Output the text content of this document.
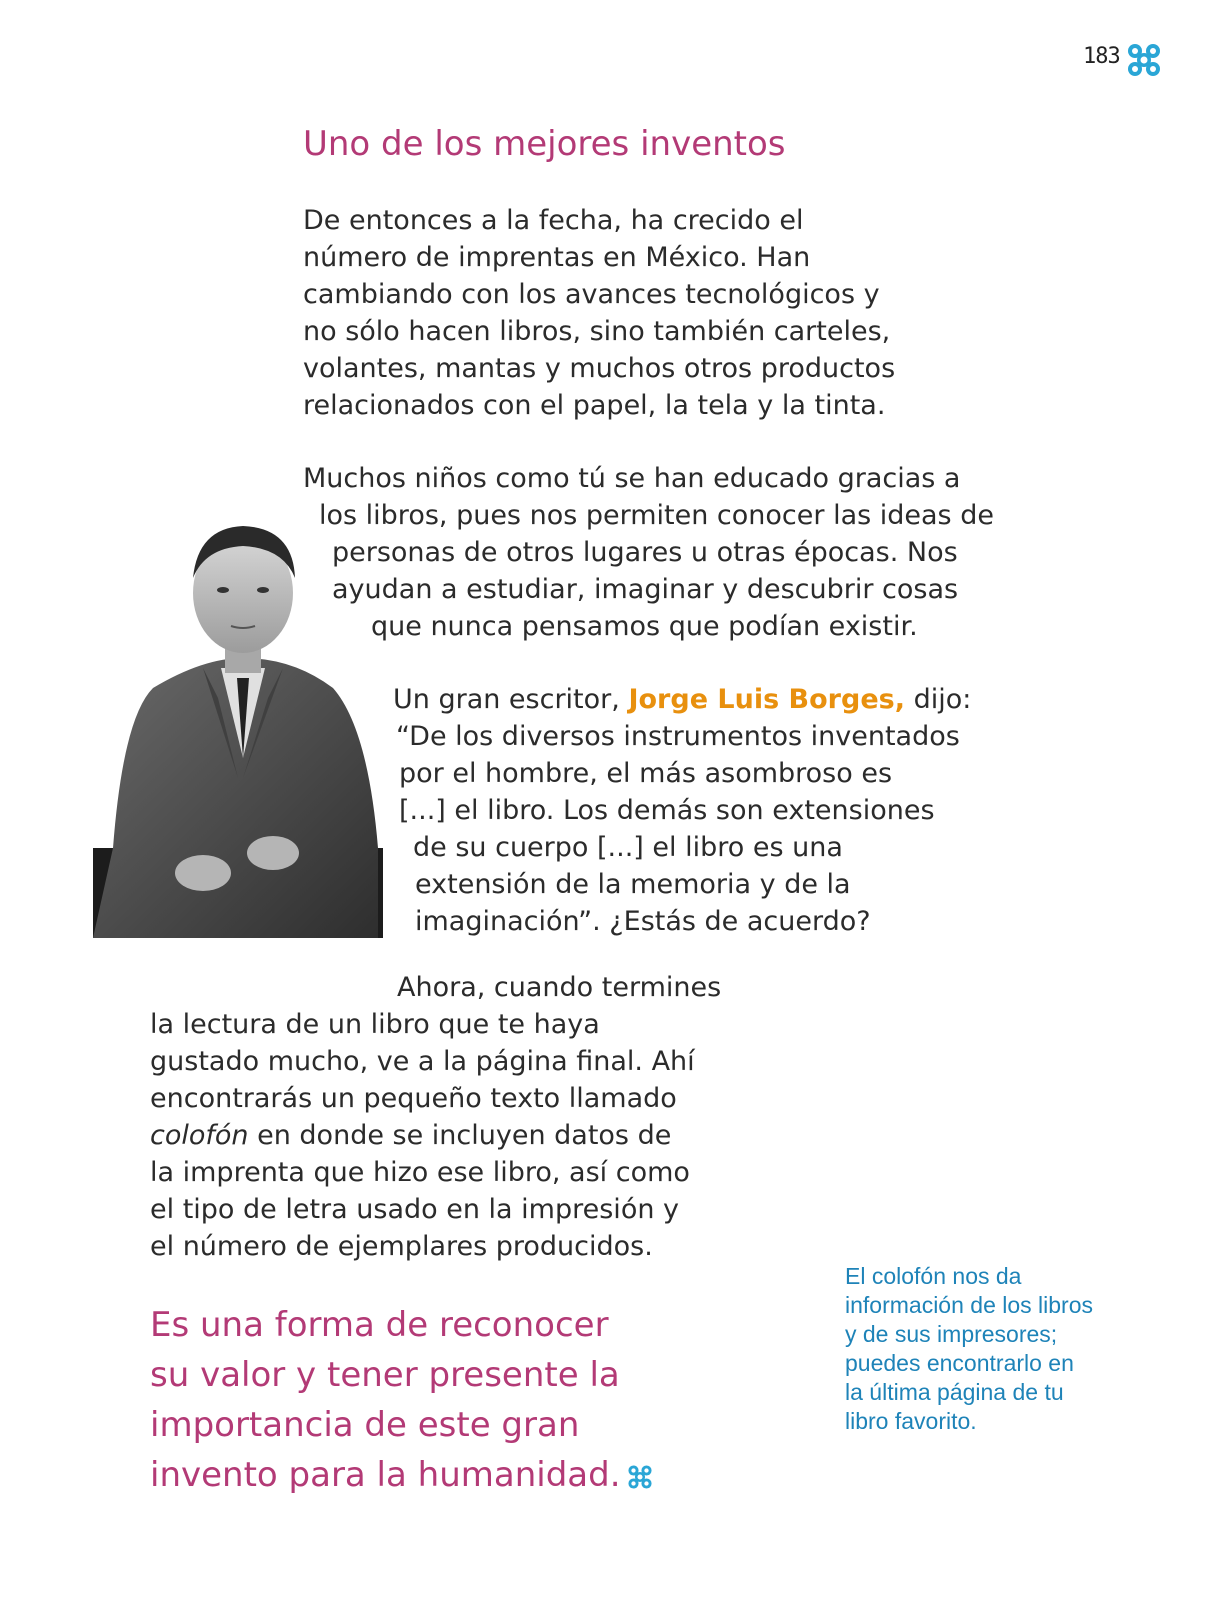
183
Uno de los mejores inventos
De entonces a la fecha, ha crecido el
número de imprentas en México. Han
cambiando con los avances tecnológicos y
no sólo hacen libros, sino también carteles,
volantes, mantas y muchos otros productos
relacionados con el papel, la tela y la tinta.
Muchos niños como tú se han educado gracias a
los libros, pues nos permiten conocer las ideas de
personas de otros lugares u otras épocas. Nos
ayudan a estudiar, imaginar y descubrir cosas
que nunca pensamos que podían existir.
Un gran escritor, Jorge Luis Borges, dijo:
“De los diversos instrumentos inventados
por el hombre, el más asombroso es
[...] el libro. Los demás son extensiones
de su cuerpo [...] el libro es una
extensión de la memoria y de la
imaginación”. ¿Estás de acuerdo?
Ahora, cuando termines
la lectura de un libro que te haya
gustado mucho, ve a la página final. Ahí
encontrarás un pequeño texto llamado
colofón en donde se incluyen datos de
la imprenta que hizo ese libro, así como
el tipo de letra usado en la impresión y
el número de ejemplares producidos.
Es una forma de reconocer
su valor y tener presente la
importancia de este gran
invento para la humanidad.
El colofón nos da
información de los libros
y de sus impresores;
puedes encontrarlo en
la última página de tu
libro favorito.
